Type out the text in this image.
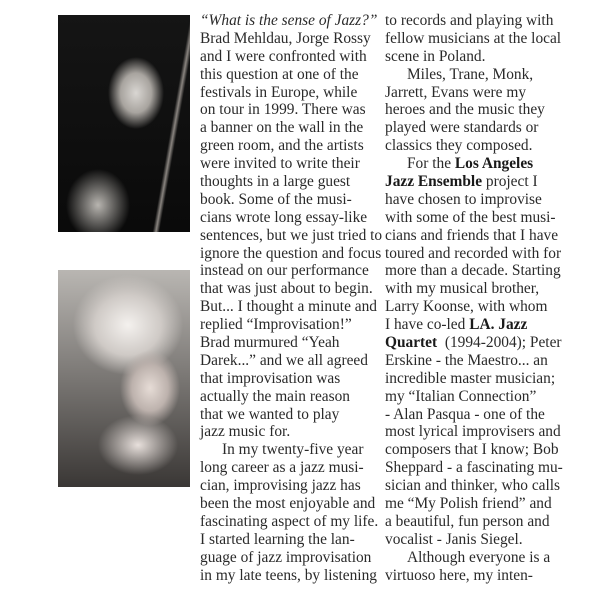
“What is the sense of Jazz?”
Brad Mehldau, Jorge Rossy
and I were confronted with
this question at one of the
festivals in Europe, while
on tour in 1999. There was
a banner on the wall in the
green room, and the artists
were invited to write their
thoughts in a large guest
book. Some of the musi-
cians wrote long essay-like
sentences, but we just tried to
ignore the question and focus
instead on our performance
that was just about to begin.
But... I thought a minute and
replied “Improvisation!”
Brad murmured “Yeah
Darek...” and we all agreed
that improvisation was
actually the main reason
that we wanted to play
jazz music for.
In my twenty-five year
long career as a jazz musi-
cian, improvising jazz has
been the most enjoyable and
fascinating aspect of my life.
I started learning the lan-
guage of jazz improvisation
in my late teens, by listening
to records and playing with
fellow musicians at the local
scene in Poland.
Miles, Trane, Monk,
Jarrett, Evans were my
heroes and the music they
played were standards or
classics they composed.
For the Los Angeles
Jazz Ensemble project I
have chosen to improvise
with some of the best musi-
cians and friends that I have
toured and recorded with for
more than a decade. Starting
with my musical brother,
Larry Koonse, with whom
I have co-led LA. Jazz
Quartet  (1994-2004); Peter
Erskine - the Maestro... an
incredible master musician;
my “Italian Connection”
- Alan Pasqua - one of the
most lyrical improvisers and
composers that I know; Bob
Sheppard - a fascinating mu-
sician and thinker, who calls
me “My Polish friend” and
a beautiful, fun person and
vocalist - Janis Siegel.
Although everyone is a
virtuoso here, my inten-
